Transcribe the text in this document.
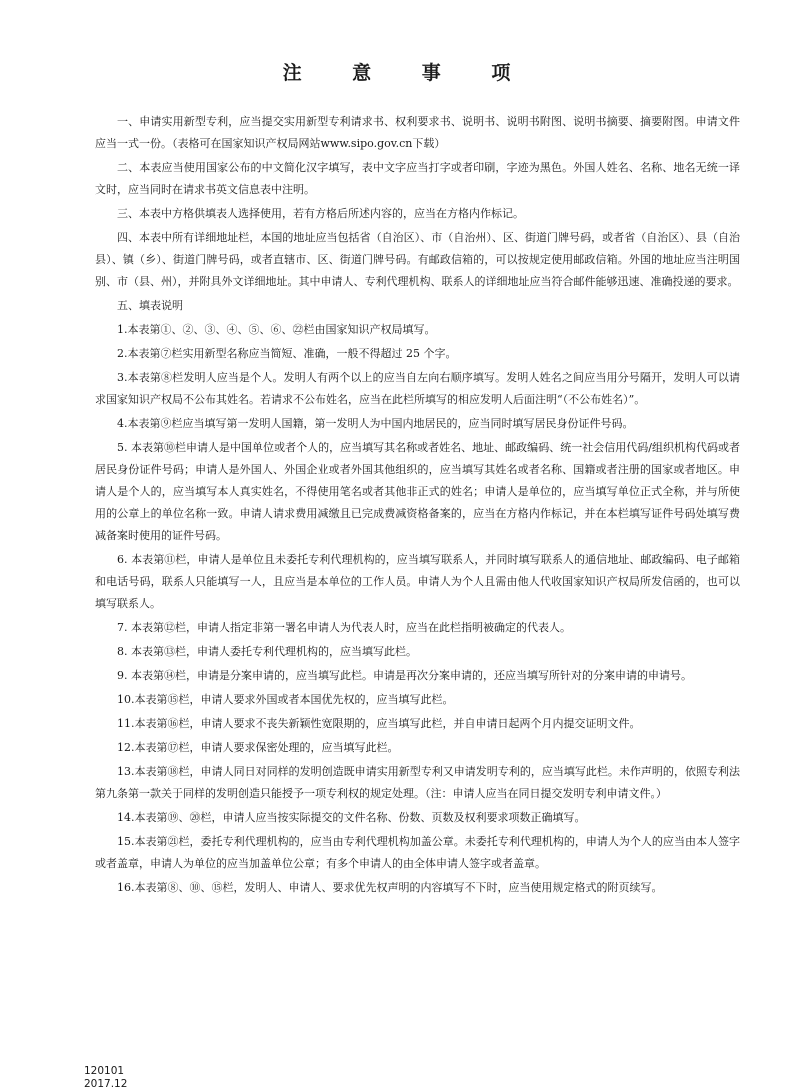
注 意 事 项

一、申请实用新型专利，应当提交实用新型专利请求书、权利要求书、说明书、说明书附图、说明书摘要、摘要附图。申请文件应当一式一份。（表格可在国家知识产权局网站www.sipo.gov.cn下载）

二、本表应当使用国家公布的中文简化汉字填写，表中文字应当打字或者印刷，字迹为黑色。外国人姓名、名称、地名无统一译文时，应当同时在请求书英文信息表中注明。

三、本表中方格供填表人选择使用，若有方格后所述内容的，应当在方格内作标记。

四、本表中所有详细地址栏，本国的地址应当包括省（自治区）、市（自治州）、区、街道门牌号码，或者省（自治区）、县（自治县）、镇（乡）、街道门牌号码，或者直辖市、区、街道门牌号码。有邮政信箱的，可以按规定使用邮政信箱。外国的地址应当注明国别、市（县、州），并附具外文详细地址。其中申请人、专利代理机构、联系人的详细地址应当符合邮件能够迅速、准确投递的要求。

五、填表说明

1.本表第①、②、③、④、⑤、⑥、㉒栏由国家知识产权局填写。

2.本表第⑦栏实用新型名称应当简短、准确，一般不得超过 25 个字。

3.本表第⑧栏发明人应当是个人。发明人有两个以上的应当自左向右顺序填写。发明人姓名之间应当用分号隔开，发明人可以请求国家知识产权局不公布其姓名。若请求不公布姓名，应当在此栏所填写的相应发明人后面注明“（不公布姓名）”。

4.本表第⑨栏应当填写第一发明人国籍，第一发明人为中国内地居民的，应当同时填写居民身份证件号码。

5. 本表第⑩栏申请人是中国单位或者个人的，应当填写其名称或者姓名、地址、邮政编码、统一社会信用代码/组织机构代码或者居民身份证件号码；申请人是外国人、外国企业或者外国其他组织的，应当填写其姓名或者名称、国籍或者注册的国家或者地区。申请人是个人的，应当填写本人真实姓名，不得使用笔名或者其他非正式的姓名；申请人是单位的，应当填写单位正式全称，并与所使用的公章上的单位名称一致。申请人请求费用减缴且已完成费减资格备案的，应当在方格内作标记，并在本栏填写证件号码处填写费减备案时使用的证件号码。

6. 本表第⑪栏，申请人是单位且未委托专利代理机构的，应当填写联系人，并同时填写联系人的通信地址、邮政编码、电子邮箱和电话号码，联系人只能填写一人，且应当是本单位的工作人员。申请人为个人且需由他人代收国家知识产权局所发信函的，也可以填写联系人。

7. 本表第⑫栏，申请人指定非第一署名申请人为代表人时，应当在此栏指明被确定的代表人。

8. 本表第⑬栏，申请人委托专利代理机构的，应当填写此栏。

9. 本表第⑭栏，申请是分案申请的，应当填写此栏。申请是再次分案申请的，还应当填写所针对的分案申请的申请号。

10.本表第⑮栏，申请人要求外国或者本国优先权的，应当填写此栏。

11.本表第⑯栏，申请人要求不丧失新颖性宽限期的，应当填写此栏，并自申请日起两个月内提交证明文件。

12.本表第⑰栏，申请人要求保密处理的，应当填写此栏。

13.本表第⑱栏，申请人同日对同样的发明创造既申请实用新型专利又申请发明专利的，应当填写此栏。未作声明的，依照专利法第九条第一款关于同样的发明创造只能授予一项专利权的规定处理。（注：申请人应当在同日提交发明专利申请文件。）

14.本表第⑲、⑳栏，申请人应当按实际提交的文件名称、份数、页数及权利要求项数正确填写。

15.本表第㉑栏，委托专利代理机构的，应当由专利代理机构加盖公章。未委托专利代理机构的，申请人为个人的应当由本人签字或者盖章，申请人为单位的应当加盖单位公章；有多个申请人的由全体申请人签字或者盖章。

16.本表第⑧、⑩、⑮栏，发明人、申请人、要求优先权声明的内容填写不下时，应当使用规定格式的附页续写。

120101
2017.12
